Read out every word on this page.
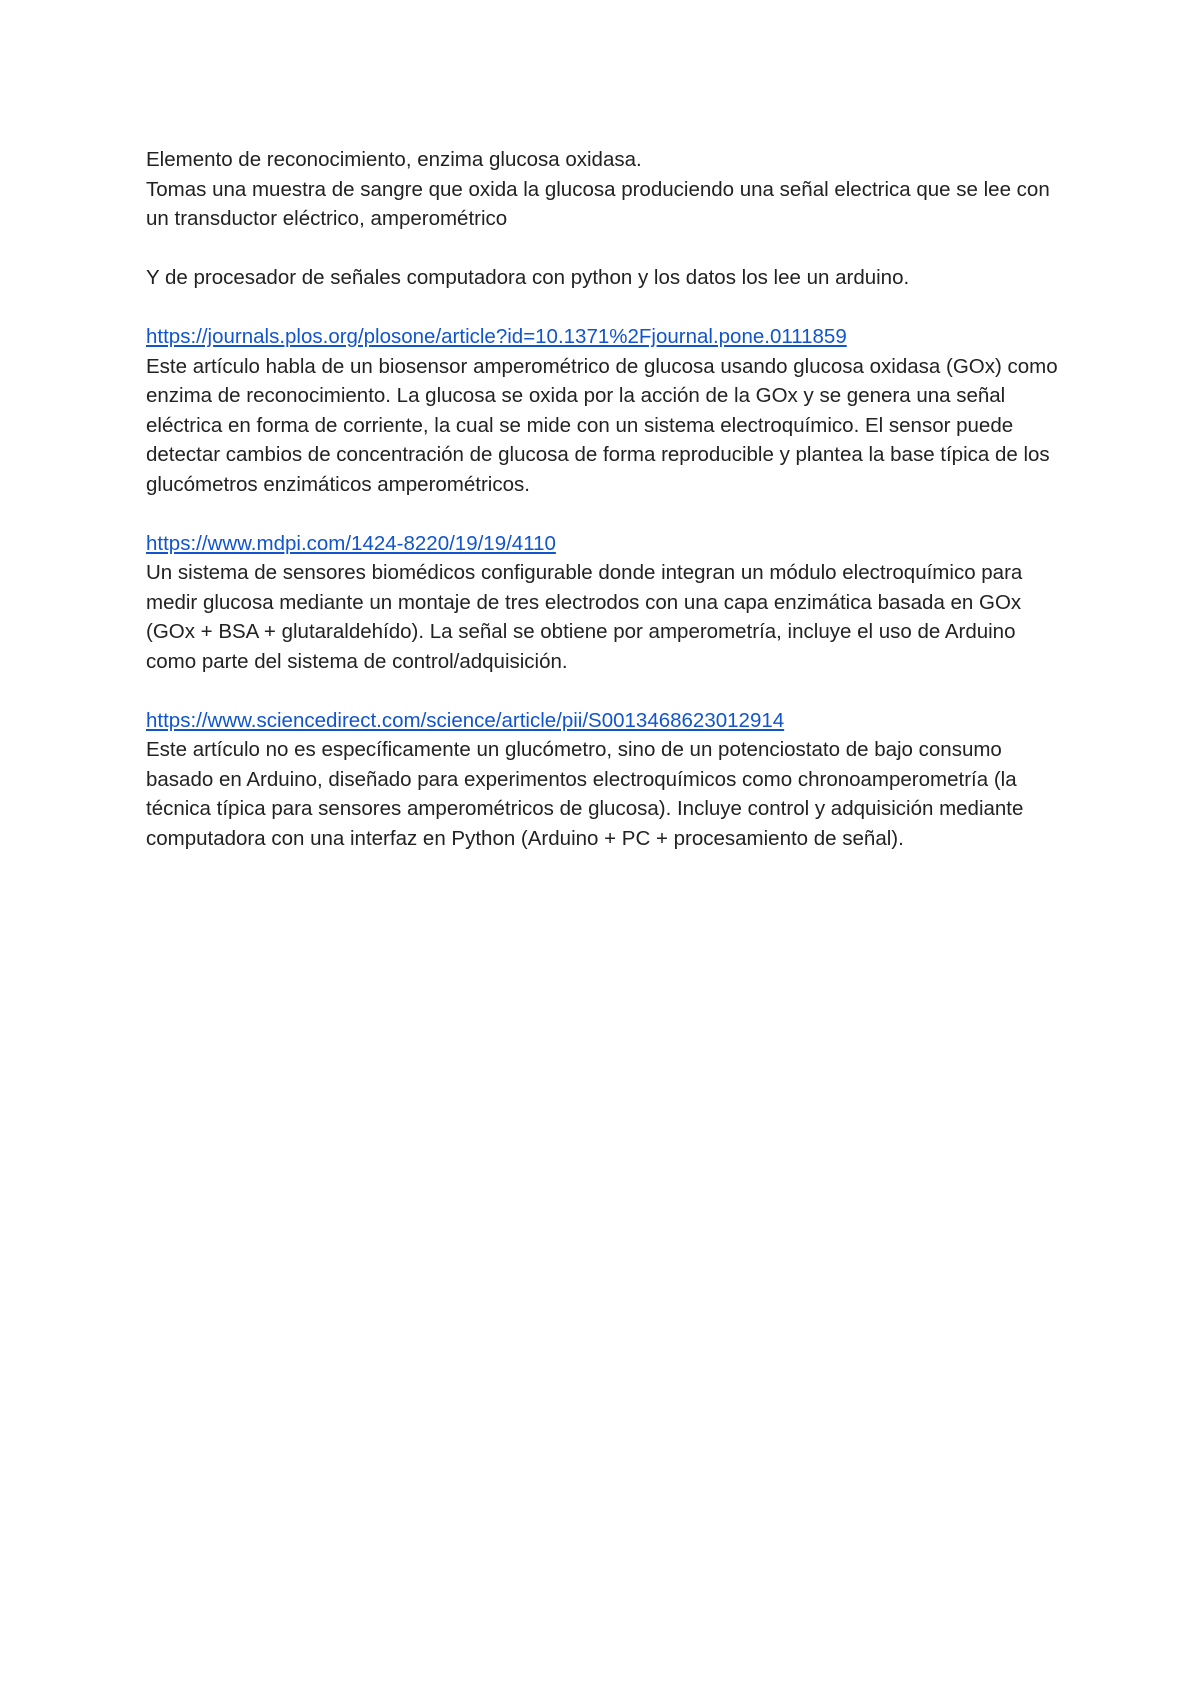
Elemento de reconocimiento, enzima glucosa oxidasa.

Tomas una muestra de sangre que oxida la glucosa produciendo una señal electrica que se lee con un transductor eléctrico, amperométrico

Y de procesador de señales computadora con python y los datos los lee un arduino.

https://journals.plos.org/plosone/article?id=10.1371%2Fjournal.pone.0111859

Este artículo habla de un biosensor amperométrico de glucosa usando glucosa oxidasa (GOx) como enzima de reconocimiento. La glucosa se oxida por la acción de la GOx y se genera una señal eléctrica en forma de corriente, la cual se mide con un sistema electroquímico. El sensor puede detectar cambios de concentración de glucosa de forma reproducible y plantea la base típica de los glucómetros enzimáticos amperométricos.

https://www.mdpi.com/1424-8220/19/19/4110

Un sistema de sensores biomédicos configurable donde integran un módulo electroquímico para medir glucosa mediante un montaje de tres electrodos con una capa enzimática basada en GOx (GOx + BSA + glutaraldehído). La señal se obtiene por amperometría, incluye el uso de Arduino como parte del sistema de control/adquisición.

https://www.sciencedirect.com/science/article/pii/S0013468623012914

Este artículo no es específicamente un glucómetro, sino de un potenciostato de bajo consumo basado en Arduino, diseñado para experimentos electroquímicos como chronoamperometría (la técnica típica para sensores amperométricos de glucosa). Incluye control y adquisición mediante computadora con una interfaz en Python (Arduino + PC + procesamiento de señal).
